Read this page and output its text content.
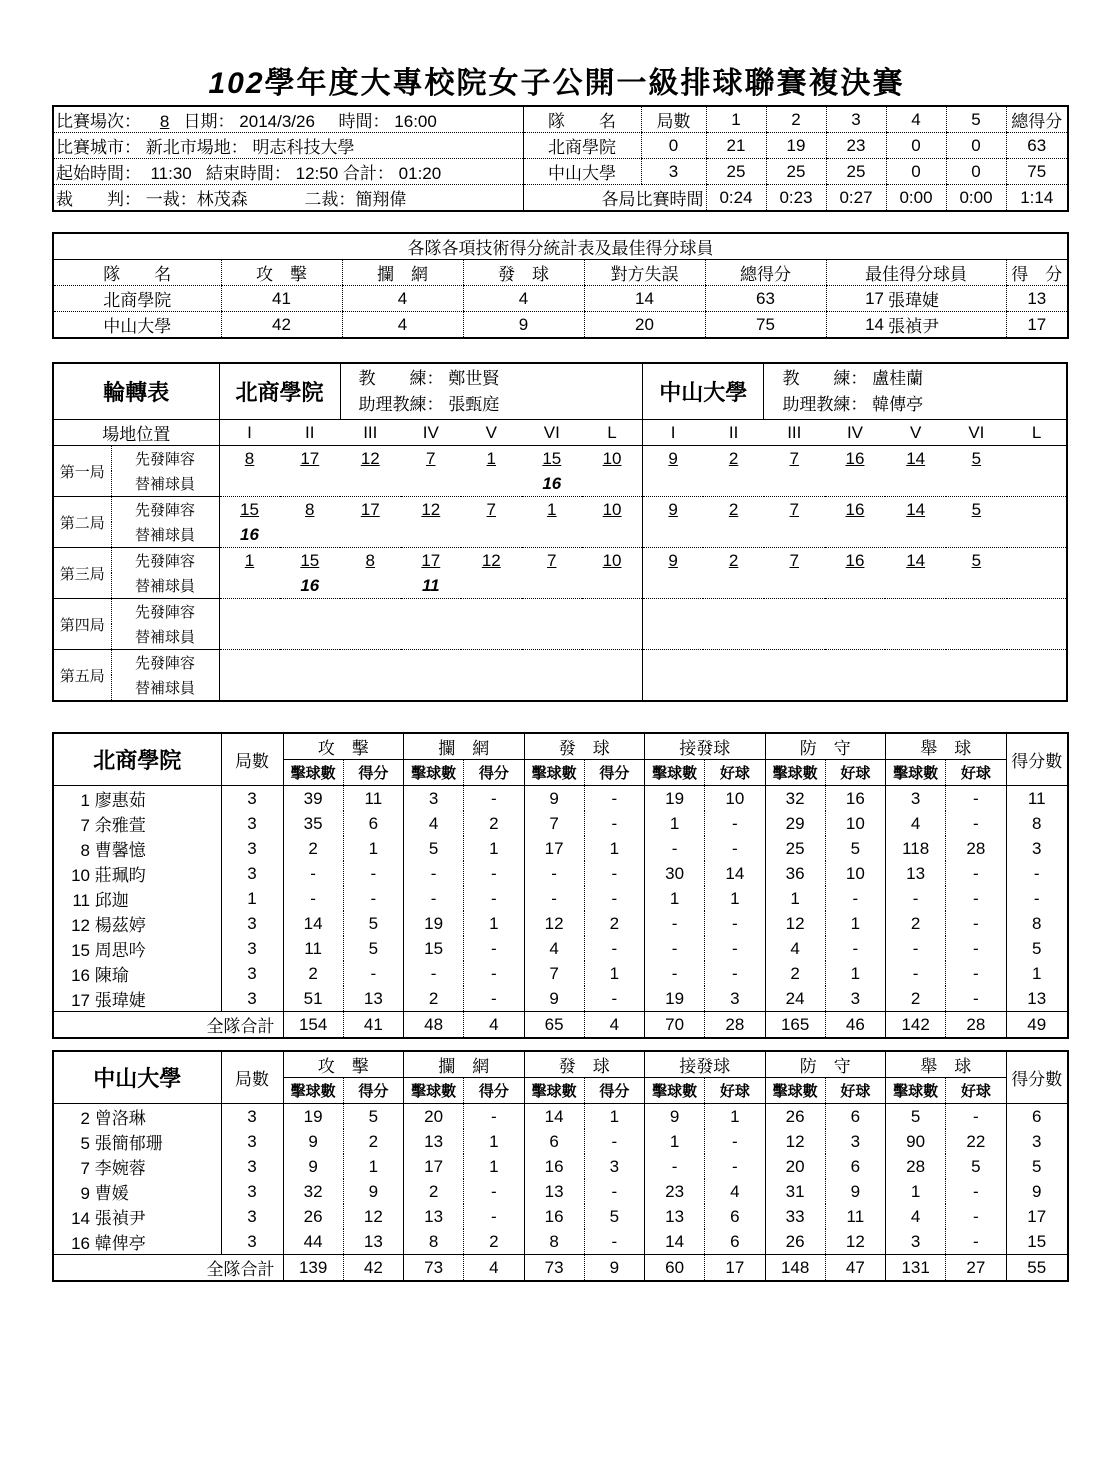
102學年度大專校院女子公開一級排球聯賽複決賽
比賽場次： 8 日期： 2014/3/26 時間： 16:00	隊　　名	局數	1	2	3	4	5	總得分
比賽城市： 新北市場地： 明志科技大學	北商學院	0	21	19	23	0	0	63
起始時間： 11:30 結束時間： 12:50 合計： 01:20	中山大學	3	25	25	25	0	0	75
裁　　判： 一裁：林茂森 二裁：簡翔偉	各局比賽時間		0:24	0:23	0:27	0:00	0:00	1:14
各隊各項技術得分統計表及最佳得分球員								
隊　　名	攻　擊	攔　網	發　球	對方失誤	總得分	最佳得分球員		得　分
北商學院	41	4	4	14	63	17	張瑋婕	13
中山大學	42	4	9	20	75	14	張禎尹	17
輪轉表		北商學院		教　　練： 鄭世賢
助理教練： 張甄庭					中山大學		教　　練： 盧桂蘭
助理教練： 韓傳亭				
場地位置		I	II	III	IV	V	VI	L	I	II	III	IV	V	VI	L
第一局	先發陣容	8	17	12	7	1	15	10	9	2	7	16	14	5	
	替補球員						16								
第二局	先發陣容	15	8	17	12	7	1	10	9	2	7	16	14	5	
	替補球員	16													
第三局	先發陣容	1	15	8	17	12	7	10	9	2	7	16	14	5	
	替補球員		16		11										
第四局	先發陣容														
	替補球員														
第五局	先發陣容														
	替補球員														
北商學院	局數	攻　擊		攔　網		發　球		接發球		防　守		舉　球		得分數
		擊球數	得分	擊球數	得分	擊球數	得分	擊球數	好球	擊球數	好球	擊球數	好球	
1 廖惠茹	3	39	11	3	-	9	-	19	10	32	16	3	-	11
7 余雅萱	3	35	6	4	2	7	-	1	-	29	10	4	-	8
8 曹馨憶	3	2	1	5	1	17	1	-	-	25	5	118	28	3
10 莊珮昀	3	-	-	-	-	-	-	30	14	36	10	13	-	-
11 邱迦	1	-	-	-	-	-	-	1	1	1	-	-	-	-
12 楊茲婷	3	14	5	19	1	12	2	-	-	12	1	2	-	8
15 周思吟	3	11	5	15	-	4	-	-	-	4	-	-	-	5
16 陳瑜	3	2	-	-	-	7	1	-	-	2	1	-	-	1
17 張瑋婕	3	51	13	2	-	9	-	19	3	24	3	2	-	13
全隊合計		154	41	48	4	65	4	70	28	165	46	142	28	49
中山大學	局數	攻　擊		攔　網		發　球		接發球		防　守		舉　球		得分數
		擊球數	得分	擊球數	得分	擊球數	得分	擊球數	好球	擊球數	好球	擊球數	好球	
2 曾洛琳	3	19	5	20	-	14	1	9	1	26	6	5	-	6
5 張簡郁珊	3	9	2	13	1	6	-	1	-	12	3	90	22	3
7 李婉蓉	3	9	1	17	1	16	3	-	-	20	6	28	5	5
9 曹媛	3	32	9	2	-	13	-	23	4	31	9	1	-	9
14 張禎尹	3	26	12	13	-	16	5	13	6	33	11	4	-	17
16 韓俾亭	3	44	13	8	2	8	-	14	6	26	12	3	-	15
全隊合計		139	42	73	4	73	9	60	17	148	47	131	27	55
